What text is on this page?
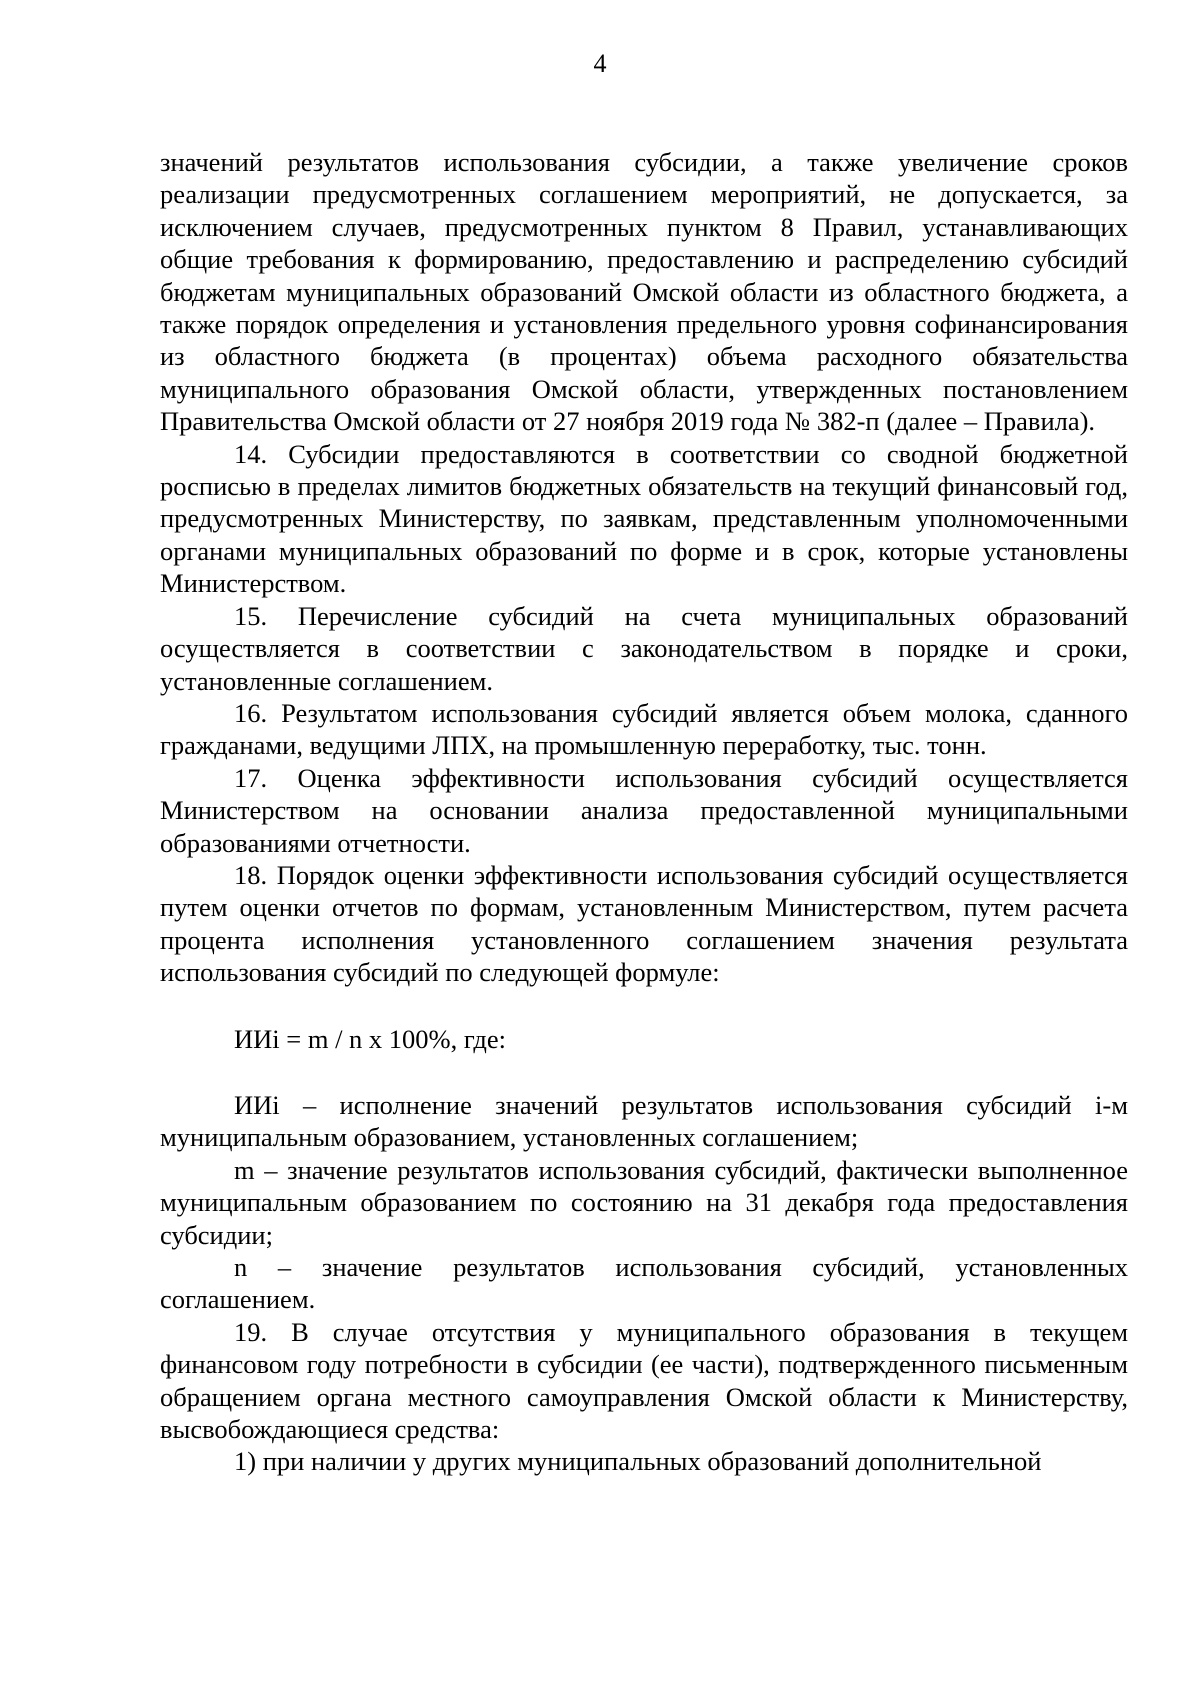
4

значений результатов использования субсидии, а также увеличение сроков реализации предусмотренных соглашением мероприятий, не допускается, за исключением случаев, предусмотренных пунктом 8 Правил, устанавливающих общие требования к формированию, предоставлению и распределению субсидий бюджетам муниципальных образований Омской области из областного бюджета, а также порядок определения и установления предельного уровня софинансирования из областного бюджета (в процентах) объема расходного обязательства муниципального образования Омской области, утвержденных постановлением Правительства Омской области от 27 ноября 2019 года № 382-п (далее – Правила).

14. Субсидии предоставляются в соответствии со сводной бюджетной росписью в пределах лимитов бюджетных обязательств на текущий финансовый год, предусмотренных Министерству, по заявкам, представленным уполномоченными органами муниципальных образований по форме и в срок, которые установлены Министерством.

15. Перечисление субсидий на счета муниципальных образований осуществляется в соответствии с законодательством в порядке и сроки, установленные соглашением.

16. Результатом использования субсидий является объем молока, сданного гражданами, ведущими ЛПХ, на промышленную переработку, тыс. тонн.

17. Оценка эффективности использования субсидий осуществляется Министерством на основании анализа предоставленной муниципальными образованиями отчетности.

18. Порядок оценки эффективности использования субсидий осуществляется путем оценки отчетов по формам, установленным Министерством, путем расчета процента исполнения установленного соглашением значения результата использования субсидий по следующей формуле:

ИИi = m / n x 100%, где:

ИИi – исполнение значений результатов использования субсидий i-м муниципальным образованием, установленных соглашением;

m – значение результатов использования субсидий, фактически выполненное муниципальным образованием по состоянию на 31 декабря года предоставления субсидии;

n – значение результатов использования субсидий, установленных соглашением.

19. В случае отсутствия у муниципального образования в текущем финансовом году потребности в субсидии (ее части), подтвержденного письменным обращением органа местного самоуправления Омской области к Министерству, высвобождающиеся средства:

1) при наличии у других муниципальных образований дополнительной
